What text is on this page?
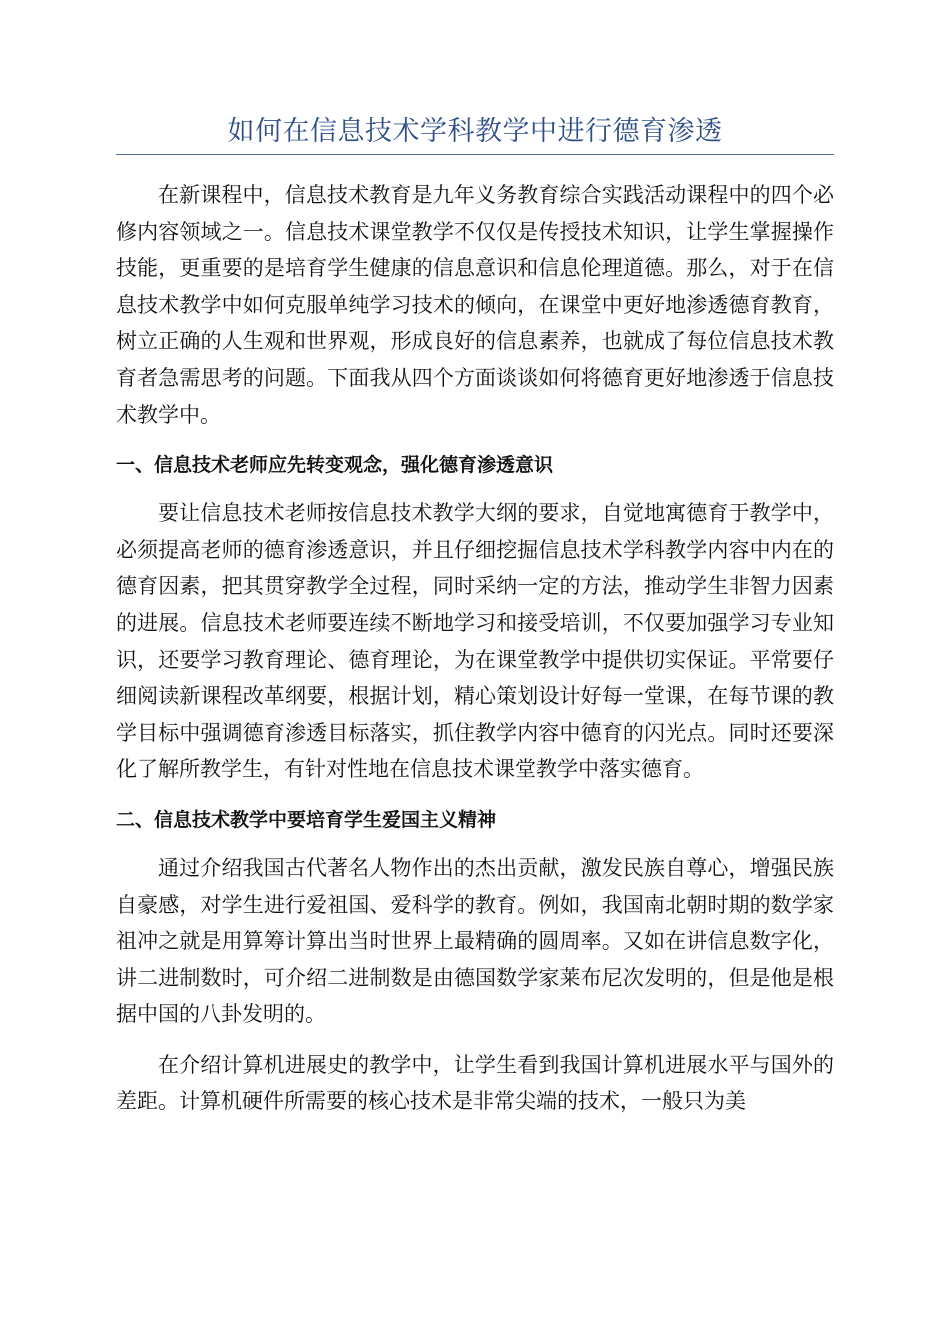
如何在信息技术学科教学中进行德育渗透

在新课程中，信息技术教育是九年义务教育综合实践活动课程中的四个必修内容领域之一。信息技术课堂教学不仅仅是传授技术知识，让学生掌握操作技能，更重要的是培育学生健康的信息意识和信息伦理道德。那么，对于在信息技术教学中如何克服单纯学习技术的倾向，在课堂中更好地渗透德育教育，树立正确的人生观和世界观，形成良好的信息素养，也就成了每位信息技术教育者急需思考的问题。下面我从四个方面谈谈如何将德育更好地渗透于信息技术教学中。

一、信息技术老师应先转变观念，强化德育渗透意识

要让信息技术老师按信息技术教学大纲的要求，自觉地寓德育于教学中，必须提高老师的德育渗透意识，并且仔细挖掘信息技术学科教学内容中内在的德育因素，把其贯穿教学全过程，同时采纳一定的方法，推动学生非智力因素的进展。信息技术老师要连续不断地学习和接受培训，不仅要加强学习专业知识，还要学习教育理论、德育理论，为在课堂教学中提供切实保证。平常要仔细阅读新课程改革纲要，根据计划，精心策划设计好每一堂课，在每节课的教学目标中强调德育渗透目标落实，抓住教学内容中德育的闪光点。同时还要深化了解所教学生，有针对性地在信息技术课堂教学中落实德育。

二、信息技术教学中要培育学生爱国主义精神

通过介绍我国古代著名人物作出的杰出贡献，激发民族自尊心，增强民族自豪感，对学生进行爱祖国、爱科学的教育。例如，我国南北朝时期的数学家祖冲之就是用算筹计算出当时世界上最精确的圆周率。又如在讲信息数字化，讲二进制数时，可介绍二进制数是由德国数学家莱布尼次发明的，但是他是根据中国的八卦发明的。

在介绍计算机进展史的教学中，让学生看到我国计算机进展水平与国外的差距。计算机硬件所需要的核心技术是非常尖端的技术，一般只为美
